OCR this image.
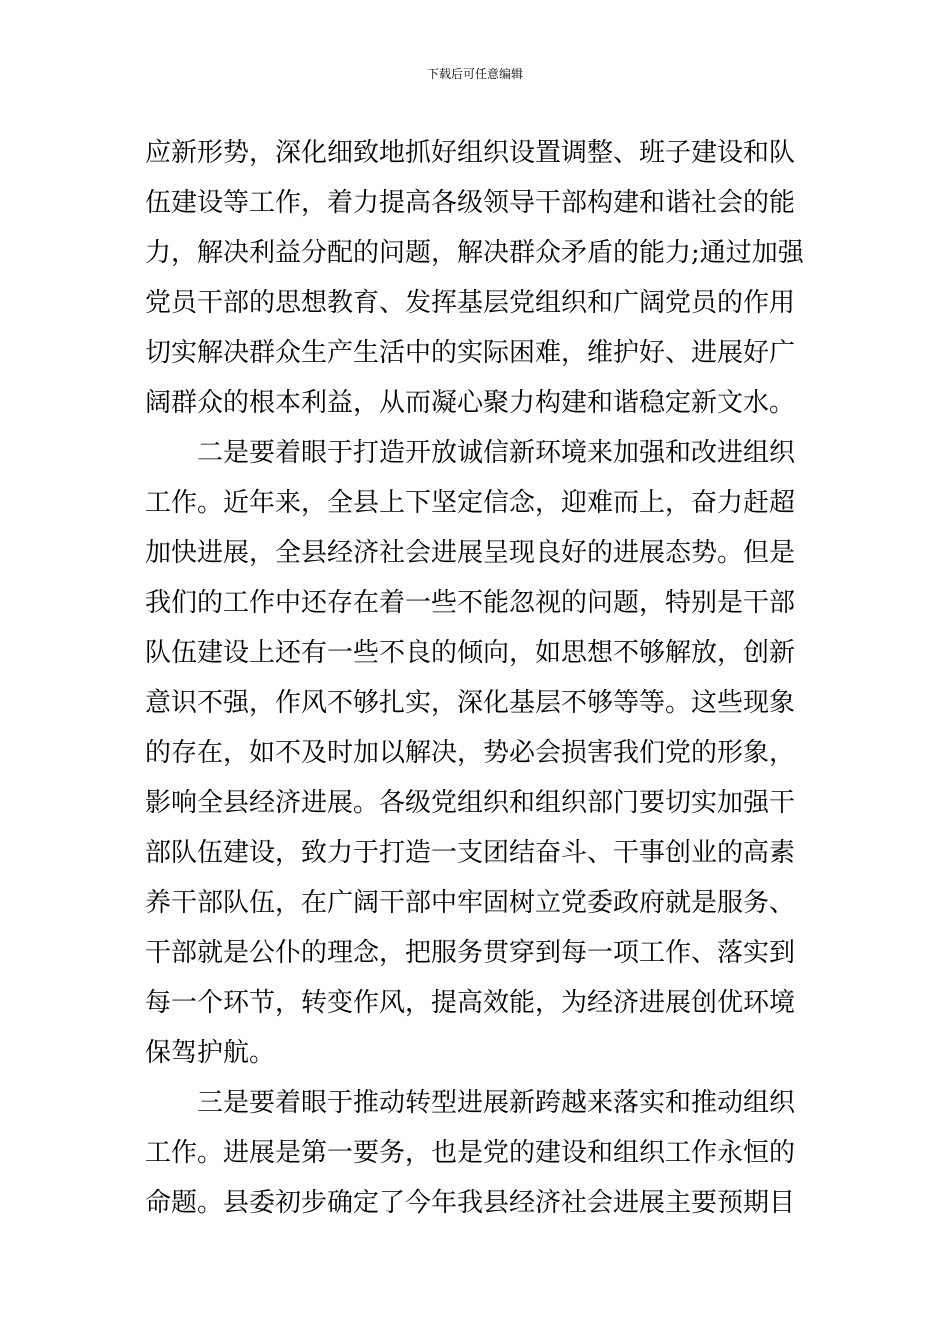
下载后可任意编辑
应新形势，深化细致地抓好组织设置调整、班子建设和队
伍建设等工作，着力提高各级领导干部构建和谐社会的能
力，解决利益分配的问题，解决群众矛盾的能力;通过加强
党员干部的思想教育、发挥基层党组织和广阔党员的作用
切实解决群众生产生活中的实际困难，维护好、进展好广
阔群众的根本利益，从而凝心聚力构建和谐稳定新文水。
二是要着眼于打造开放诚信新环境来加强和改进组织
工作。近年来，全县上下坚定信念，迎难而上，奋力赶超
加快进展，全县经济社会进展呈现良好的进展态势。但是
我们的工作中还存在着一些不能忽视的问题，特别是干部
队伍建设上还有一些不良的倾向，如思想不够解放，创新
意识不强，作风不够扎实，深化基层不够等等。这些现象
的存在，如不及时加以解决，势必会损害我们党的形象，
影响全县经济进展。各级党组织和组织部门要切实加强干
部队伍建设，致力于打造一支团结奋斗、干事创业的高素
养干部队伍，在广阔干部中牢固树立党委政府就是服务、
干部就是公仆的理念，把服务贯穿到每一项工作、落实到
每一个环节，转变作风，提高效能，为经济进展创优环境
保驾护航。
三是要着眼于推动转型进展新跨越来落实和推动组织
工作。进展是第一要务，也是党的建设和组织工作永恒的
命题。县委初步确定了今年我县经济社会进展主要预期目
